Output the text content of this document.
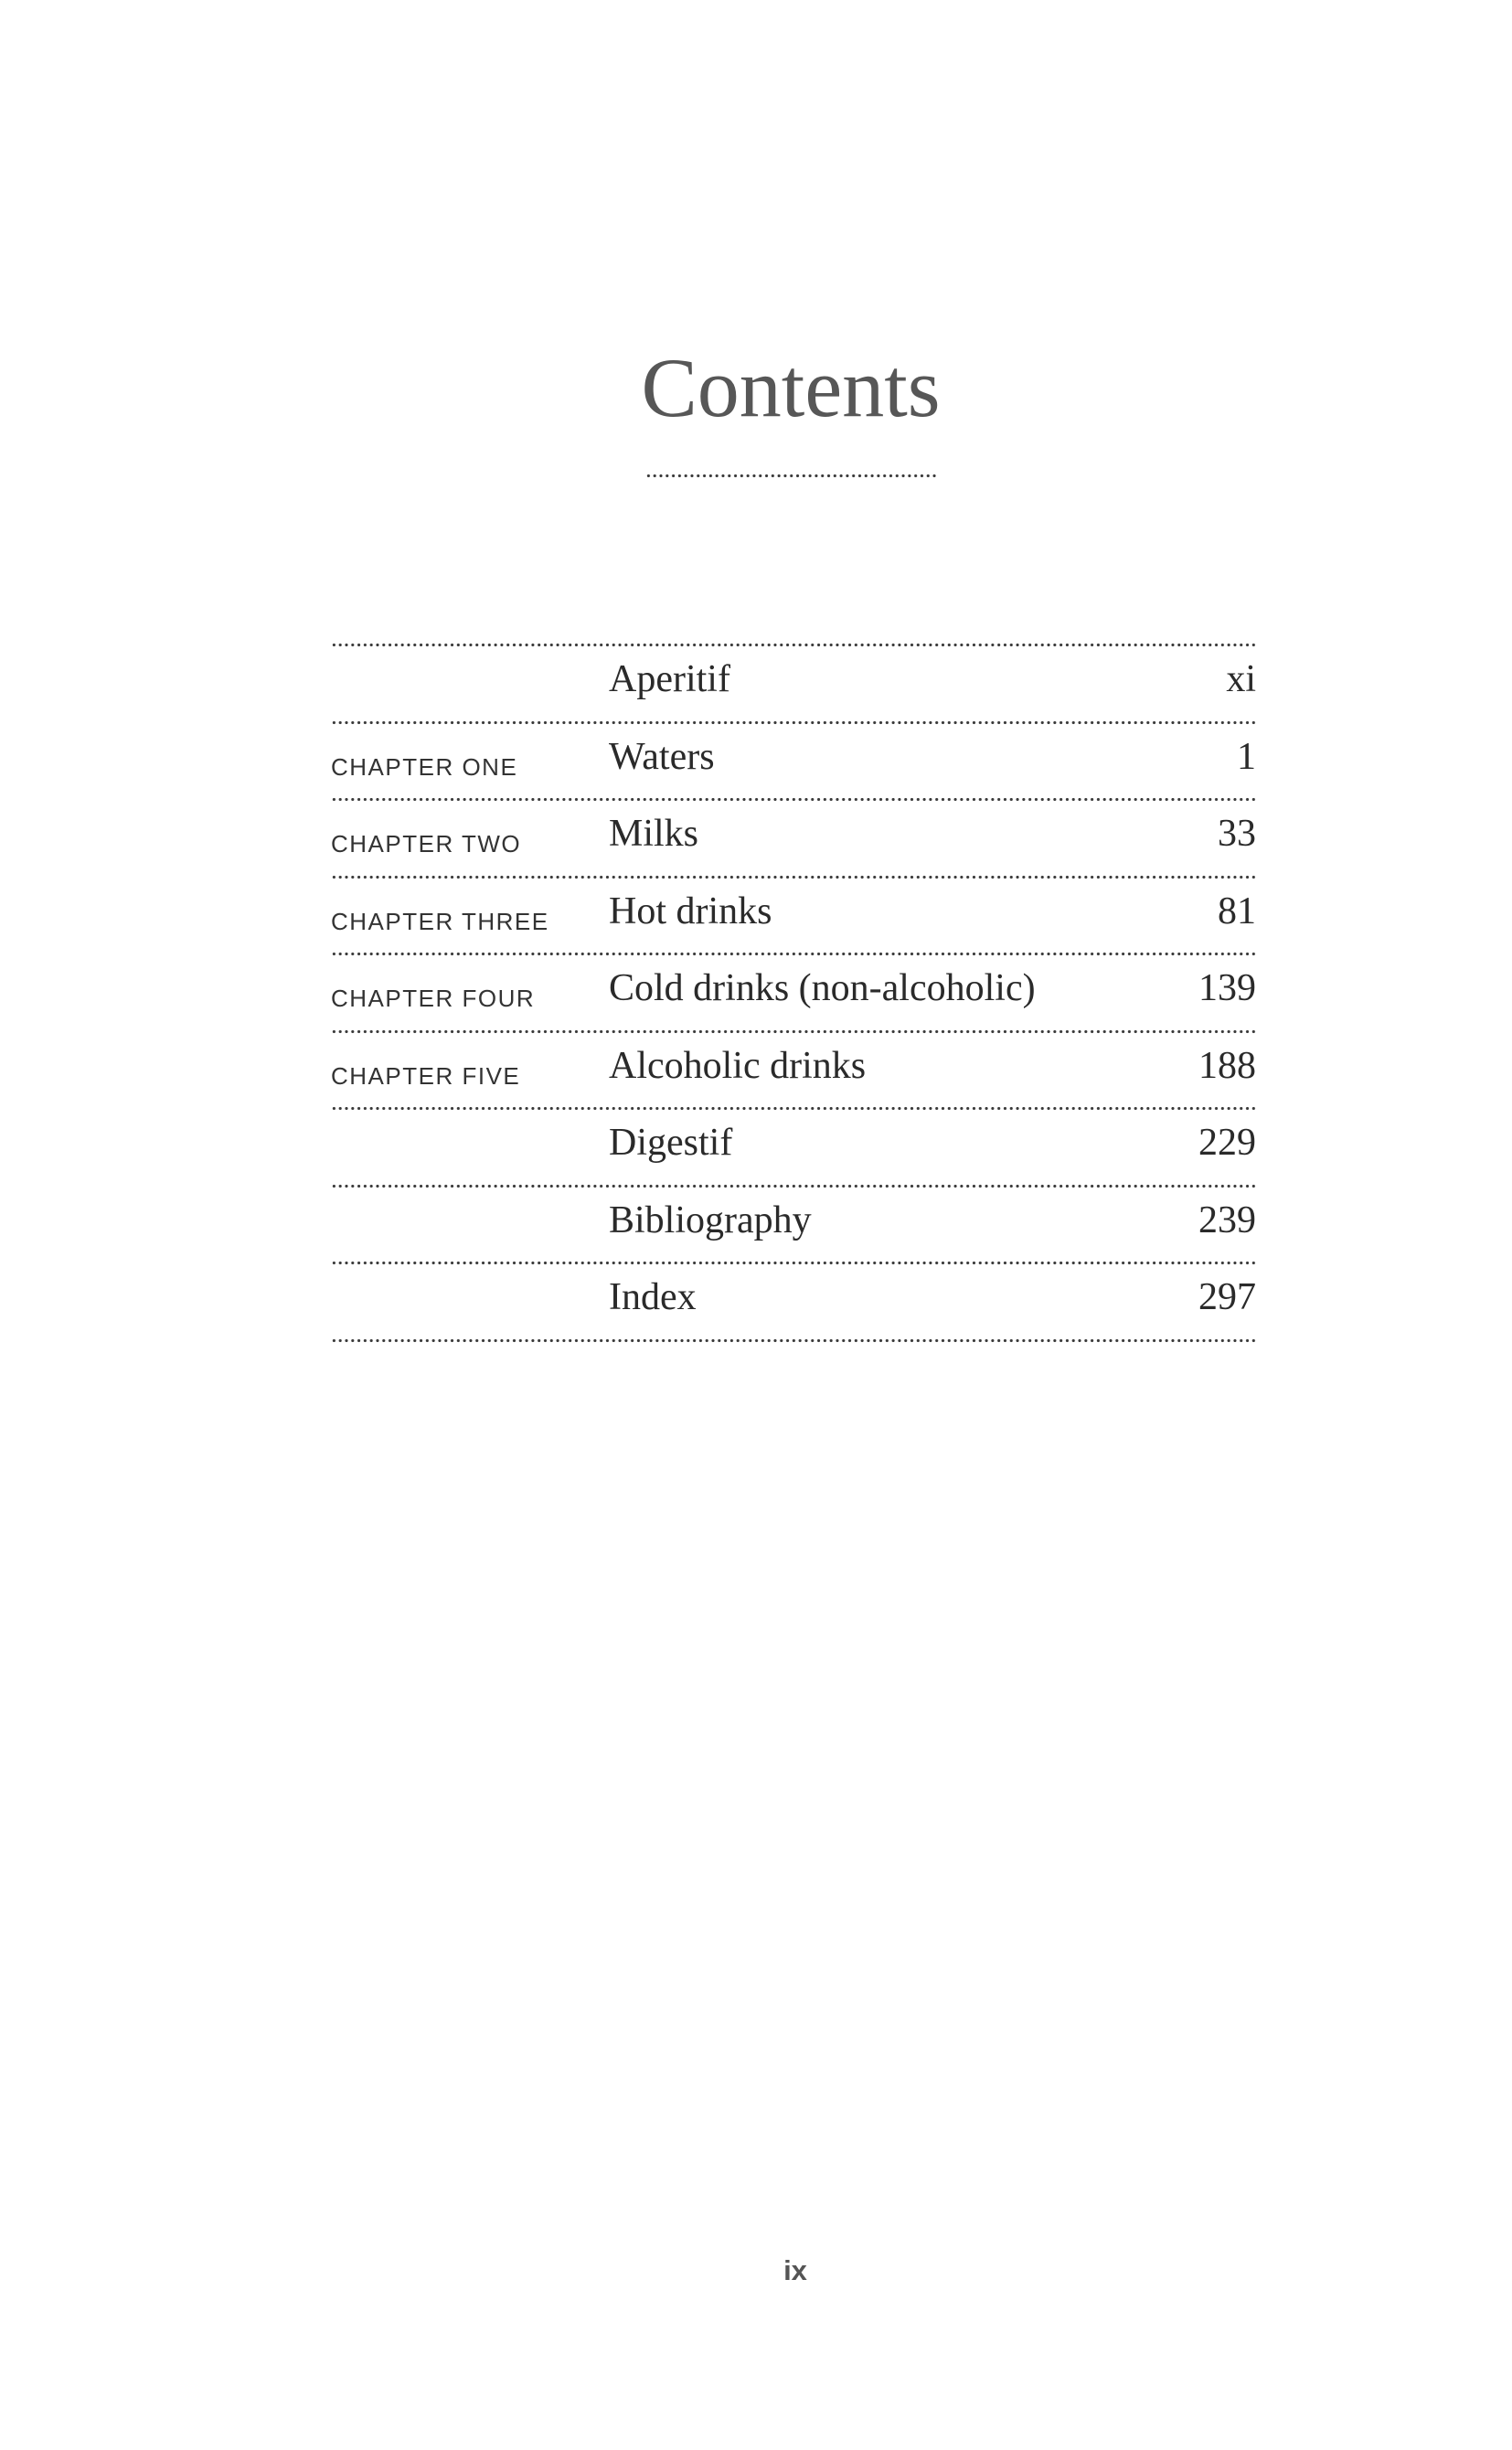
Contents
Aperitif	xi
CHAPTER ONE Waters	1
CHAPTER TWO Milks	33
CHAPTER THREE Hot drinks	81
CHAPTER FOUR Cold drinks (non-alcoholic)	139
CHAPTER FIVE Alcoholic drinks	188
Digestif	229
Bibliography	239
Index	297
ix
